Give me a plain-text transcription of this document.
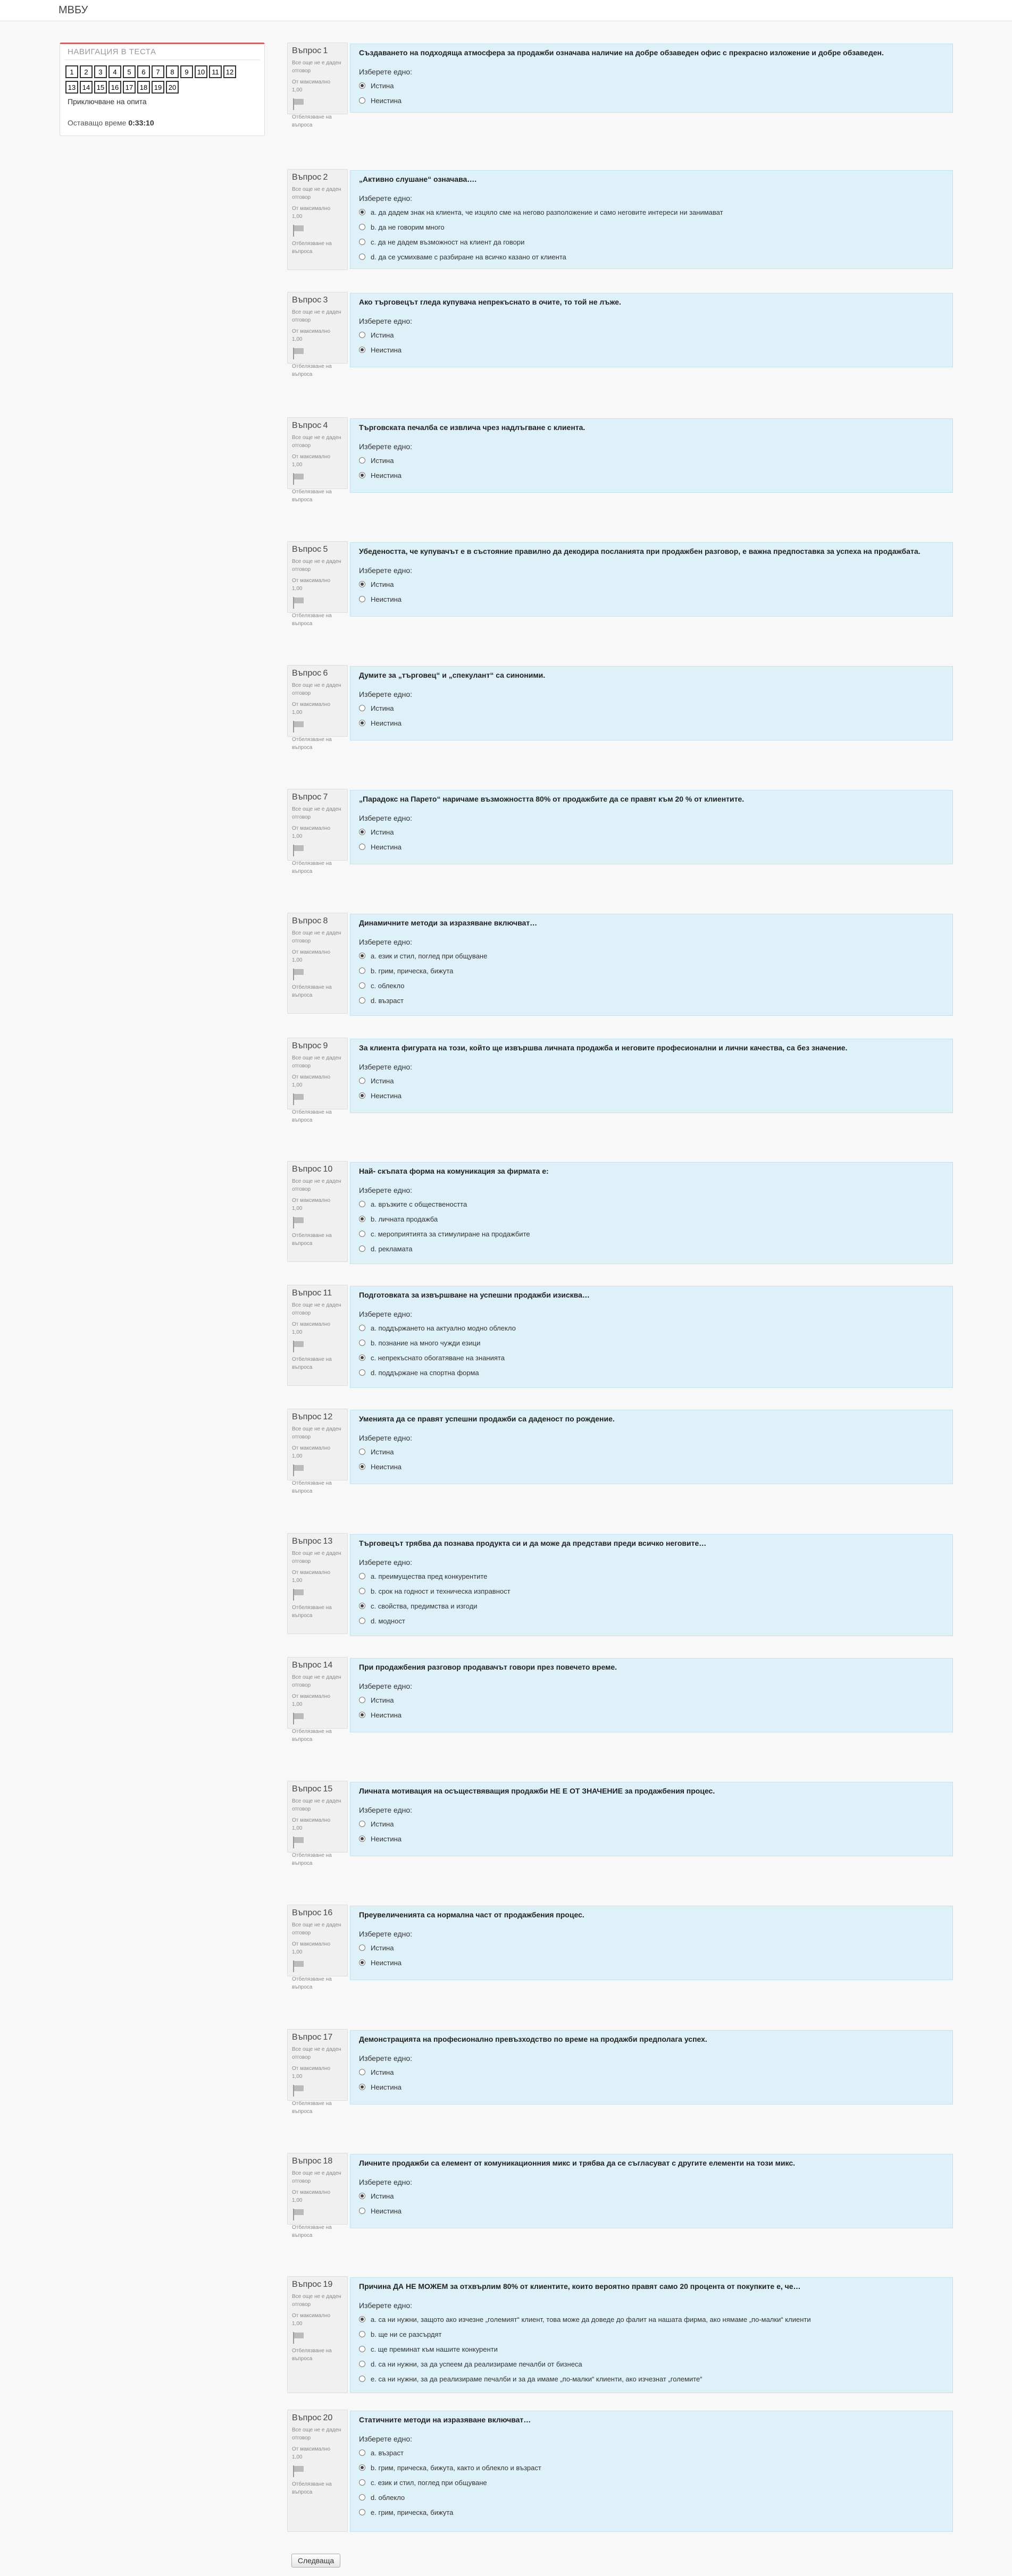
МВБУ
НАВИГАЦИЯ В ТЕСТА
1	2	3	4	5	6	7	8	9	10	11	12
13 14 15 16 17 18 19 20
Приключване на опита
Оставащо време 0:33:10
Въпрос 1
Все още не е даден отговор
От максимално
1,00
Отбелязване на въпроса
Създаването на подходяща атмосфера за продажби означава наличие на добре обзаведен офис с прекрасно изложение и добре обзаведен.
Изберете едно:
Истина
Неистина
Въпрос 2
Все още не е даден отговор
От максимално
1,00
Отбелязване на въпроса
„Активно слушане“ означава….
Изберете едно:
a. да дадем знак на клиента, че изцяло сме на неговo разположение и само неговите интереси ни занимават
b. да не говорим много
c. да не дадем възможност на клиент да говори
d. да се усмихваме с разбиране на всичко казано от клиента
Въпрос 3
Все още не е даден отговор
От максимално
1,00
Отбелязване на въпроса
Ако търговецът гледа купувача непрекъснато в очите, то той не лъже.
Изберете едно:
Истина
Неистина
Въпрос 4
Все още не е даден отговор
От максимално
1,00
Отбелязване на въпроса
Търговската печалба се извлича чрез надлъгване с клиента.
Изберете едно:
Истина
Неистина
Въпрос 5
Все още не е даден отговор
От максимално
1,00
Отбелязване на въпроса
Убедеността, че купувачът е в състояние правилно да декодира посланията при продажбен разговор, е важна предпоставка за успеха на продажбата.
Изберете едно:
Истина
Неистина
Въпрос 6
Все още не е даден отговор
От максимално
1,00
Отбелязване на въпроса
Думите за „търговец“ и „спекулант“ са синоними.
Изберете едно:
Истина
Неистина
Въпрос 7
Все още не е даден отговор
От максимално
1,00
Отбелязване на въпроса
„Парадокс на Парето“ наричаме възможността 80% от продажбите да се правят към 20 % от клиентите.
Изберете едно:
Истина
Неистина
Въпрос 8
Все още не е даден отговор
От максимално
1,00
Отбелязване на въпроса
Динамичните методи за изразяване включват…
Изберете едно:
a. език и стил, поглед при общуване
b. грим, прическа, бижута
c. облекло
d. възраст
Въпрос 9
Все още не е даден отговор
От максимално
1,00
Отбелязване на въпроса
За клиента фигурата на този, който ще извършва личната продажба и неговите професионални и лични качества, са без значение.
Изберете едно:
Истина
Неистина
Въпрос 10
Все още не е даден отговор
От максимално
1,00
Отбелязване на въпроса
Най- скъпата форма на комуникация за фирмата е:
Изберете едно:
a. връзките с обществеността
b. личната продажба
c. мероприятията за стимулиране на продажбите
d. рекламата
Въпрос 11
Все още не е даден отговор
От максимално
1,00
Отбелязване на въпроса
Подготовката за извършване на успешни продажби изисква…
Изберете едно:
a. поддържането на актуално модно облекло
b. познание на много чужди езици
c. непрекъснато обогатяване на знанията
d. поддържане на спортна форма
Въпрос 12
Все още не е даден отговор
От максимално
1,00
Отбелязване на въпроса
Уменията да се правят успешни продажби са даденост по рождение.
Изберете едно:
Истина
Неистина
Въпрос 13
Все още не е даден отговор
От максимално
1,00
Отбелязване на въпроса
Търговецът трябва да познава продукта си и да може да представи преди всичко неговите…
Изберете едно:
a. преимущества пред конкурентите
b. срок на годност и техническа изправност
c. свойства, предимства и изгоди
d. модност
Въпрос 14
Все още не е даден отговор
От максимално
1,00
Отбелязване на въпроса
При продажбения разговор продавачът говори през повечето време.
Изберете едно:
Истина
Неистина
Въпрос 15
Все още не е даден отговор
От максимално
1,00
Отбелязване на въпроса
Личната мотивация на осъществяващия продажби НЕ Е ОТ ЗНАЧЕНИЕ за продажбения процес.
Изберете едно:
Истина
Неистина
Въпрос 16
Все още не е даден отговор
От максимално
1,00
Отбелязване на въпроса
Преувеличенията са нормална част от продажбения процес.
Изберете едно:
Истина
Неистина
Въпрос 17
Все още не е даден отговор
От максимално
1,00
Отбелязване на въпроса
Демонстрацията на професионално превъзходство по време на продажби предполага успех.
Изберете едно:
Истина
Неистина
Въпрос 18
Все още не е даден отговор
От максимално
1,00
Отбелязване на въпроса
Личните продажби са елемент от комуникационния микс и трябва да се съгласуват с другите елементи на този микс.
Изберете едно:
Истина
Неистина
Въпрос 19
Все още не е даден отговор
От максимално
1,00
Отбелязване на въпроса
Причина ДА НЕ МОЖЕМ за отхвърлим 80% от клиентите, които вероятно правят само 20 процента от покупките е, че…
Изберете едно:
a. са ни нужни, защото ако изчезне „големият“ клиент, това може да доведе до фалит на нашата фирма, ако нямаме „по-малки“ клиенти
b. ще ни се разсърдят
c. ще преминат към нашите конкуренти
d. са ни нужни, за да успеем да реализираме печалби от бизнеса
e. са ни нужни, за да реализираме печалби и за да имаме „по-малки“ клиенти, ако изчезнат „големите“
Въпрос 20
Все още не е даден отговор
От максимално
1,00
Отбелязване на въпроса
Статичните методи на изразяване включват…
Изберете едно:
a. възраст
b. грим, прическа, бижута, както и облекло и възраст
c. език и стил, поглед при общуване
d. облекло
e. грим, прическа, бижута
Следваща
